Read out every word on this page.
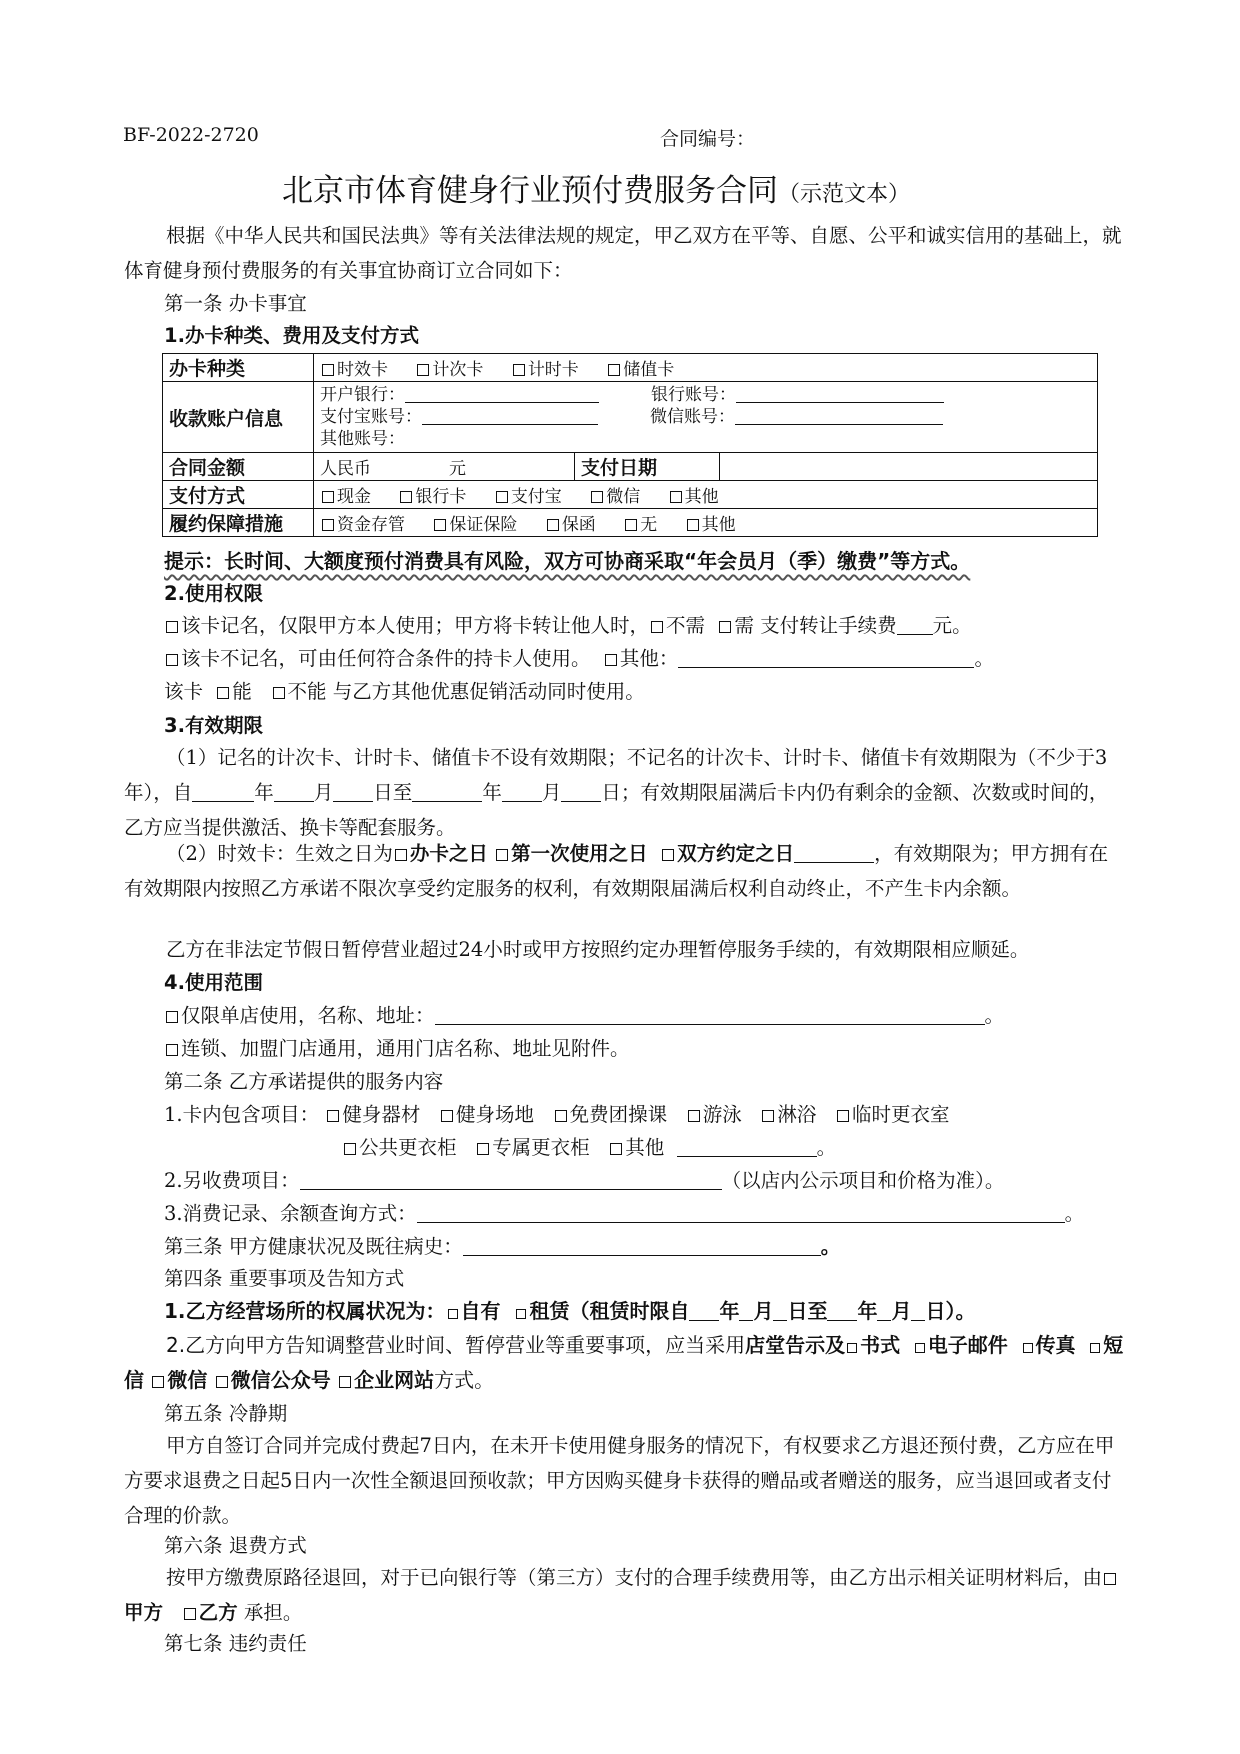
BF-2022-2720	合同编号：
北京市体育健身行业预付费服务合同（示范文本）
根据《中华人民共和国民法典》等有关法律法规的规定，甲乙双方在平等、自愿、公平和诚实信用的基础上，就体育健身预付费服务的有关事宜协商订立合同如下：
第一条 办卡事宜
1.办卡种类、费用及支付方式
办卡种类	时效卡 计次卡 计时卡 储值卡		
收款账户信息	开户银行： 银行账号：
支付宝账号： 微信账号：
其他账号：		

合同金额	人民币 元	支付日期	
支付方式	现金 银行卡 支付宝 微信 其他		
履约保障措施	资金存管 保证保险 保函 无 其他		
提示：长时间、大额度预付消费具有风险，双方可协商采取“年会员月（季）缴费”等方式。
2.使用权限
该卡记名，仅限甲方本人使用；甲方将卡转让他人时， 不需 需 支付转让手续费 元。
该卡不记名，可由任何符合条件的持卡人使用。 其他：	。
该卡 能 不能 与乙方其他优惠促销活动同时使用。
3.有效期限
（1）记名的计次卡、计时卡、储值卡不设有效期限；不记名的计次卡、计时卡、储值卡有效期限为（不少于3年），自	年 月 日至	年 月 日；有效期限届满后卡内仍有剩余的金额、次数或时间的，乙方应当提供激活、换卡等配套服务。
（2）时效卡：生效之日为 办卡之日 第一次使用之日 双方约定之日	，有效期限为；甲方拥有在有效期限内按照乙方承诺不限次享受约定服务的权利，有效期限届满后权利自动终止，不产生卡内余额。
乙方在非法定节假日暂停营业超过24小时或甲方按照约定办理暂停服务手续的，有效期限相应顺延。
4.使用范围
仅限单店使用，名称、地址：	。
连锁、加盟门店通用，通用门店名称、地址见附件。
第二条 乙方承诺提供的服务内容
1.卡内包含项目： 健身器材 健身场地 免费团操课 游泳 淋浴 临时更衣室
公共更衣柜 专属更衣柜 其他	。
2.另收费项目：	（以店内公示项目和价格为准）。
3.消费记录、余额查询方式：	。
第三条 甲方健康状况及既往病史：	。
第四条 重要事项及告知方式
1.乙方经营场所的权属状况为： 自有 租赁（租赁时限自 年 月 日至 年 月 日）。
2.乙方向甲方告知调整营业时间、暂停营业等重要事项，应当采用店堂告示及 书式 电子邮件 传真 短信 微信 微信公众号 企业网站方式。
第五条 冷静期
甲方自签订合同并完成付费起7日内，在未开卡使用健身服务的情况下，有权要求乙方退还预付费，乙方应在甲方要求退费之日起5日内一次性全额退回预收款；甲方因购买健身卡获得的赠品或者赠送的服务，应当退回或者支付合理的价款。
第六条 退费方式
按甲方缴费原路径退回，对于已向银行等（第三方）支付的合理手续费用等，由乙方出示相关证明材料后，由甲方 乙方 承担。
第七条 违约责任
